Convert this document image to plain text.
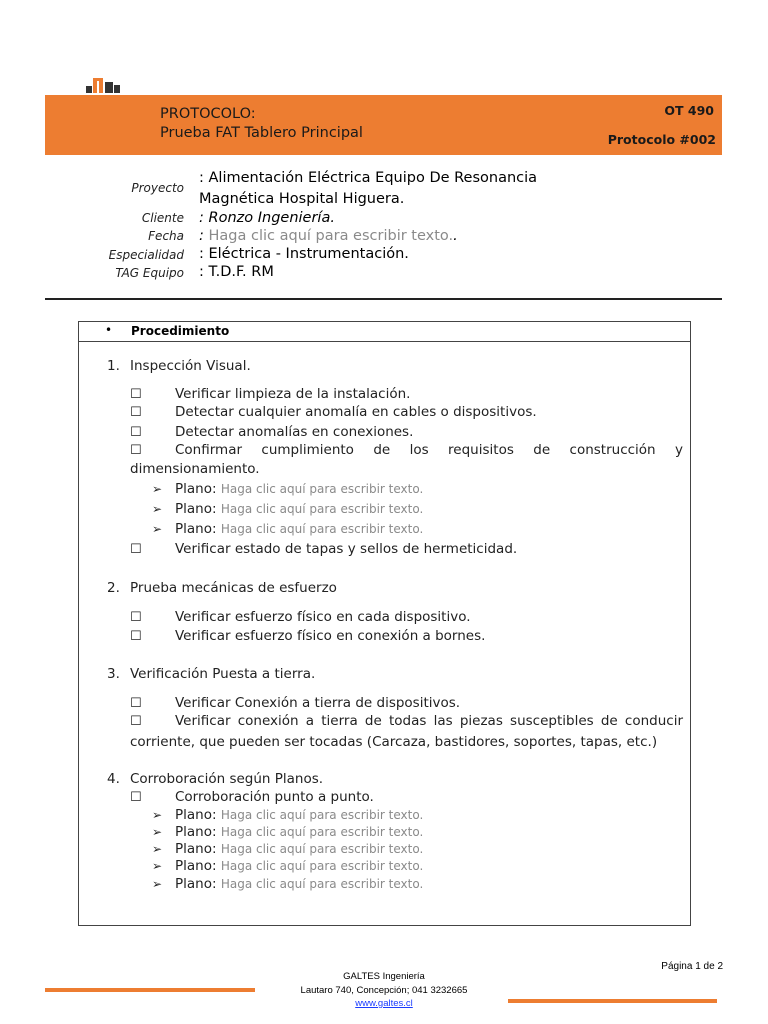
PROTOCOLO:
Prueba FAT Tablero Principal
OT 490
Protocolo #002
Proyecto
: Alimentación Eléctrica Equipo De Resonancia
Magnética Hospital Higuera.
Cliente : Ronzo Ingeniería.
Fecha : Haga clic aquí para escribir texto..
Especialidad : Eléctrica - Instrumentación.
TAG Equipo : T.D.F. RM
• Procedimiento
1. Inspección Visual.
☐ Verificar limpieza de la instalación.
☐ Detectar cualquier anomalía en cables o dispositivos.
☐ Detectar anomalías en conexiones.
☐ Confirmar cumplimiento de los requisitos de construcción y
dimensionamiento.
➢ Plano: Haga clic aquí para escribir texto.
➢ Plano: Haga clic aquí para escribir texto.
➢ Plano: Haga clic aquí para escribir texto.
☐ Verificar estado de tapas y sellos de hermeticidad.
2. Prueba mecánicas de esfuerzo
☐ Verificar esfuerzo físico en cada dispositivo.
☐ Verificar esfuerzo físico en conexión a bornes.
3. Verificación Puesta a tierra.
☐ Verificar Conexión a tierra de dispositivos.
☐ Verificar conexión a tierra de todas las piezas susceptibles de conducir
corriente, que pueden ser tocadas (Carcaza, bastidores, soportes, tapas, etc.)
4. Corroboración según Planos.
☐ Corroboración punto a punto.
➢ Plano: Haga clic aquí para escribir texto.
➢ Plano: Haga clic aquí para escribir texto.
➢ Plano: Haga clic aquí para escribir texto.
➢ Plano: Haga clic aquí para escribir texto.
➢ Plano: Haga clic aquí para escribir texto.
Página 1 de 2
GALTES Ingeniería
Lautaro 740, Concepción; 041 3232665
www.galtes.cl
